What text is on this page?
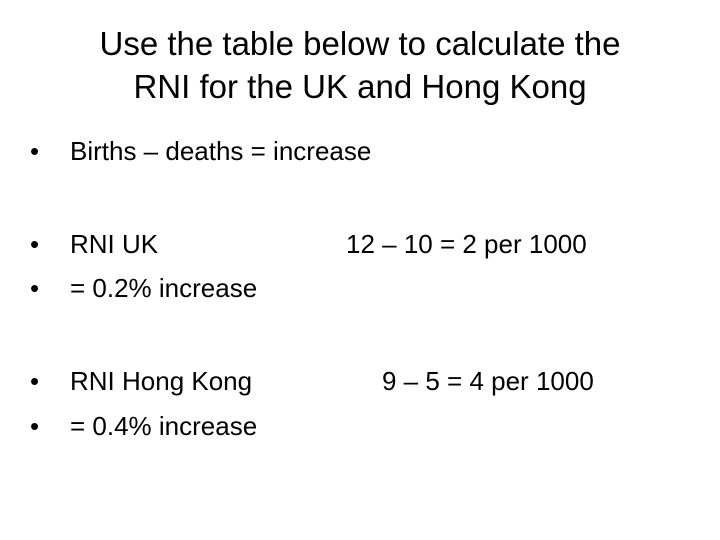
Use the table below to calculate the
RNI for the UK and Hong Kong
• Births – deaths = increase
• RNI UK	12 – 10 = 2 per 1000
• = 0.2% increase
• RNI Hong Kong	9 – 5 = 4 per 1000
• = 0.4% increase
